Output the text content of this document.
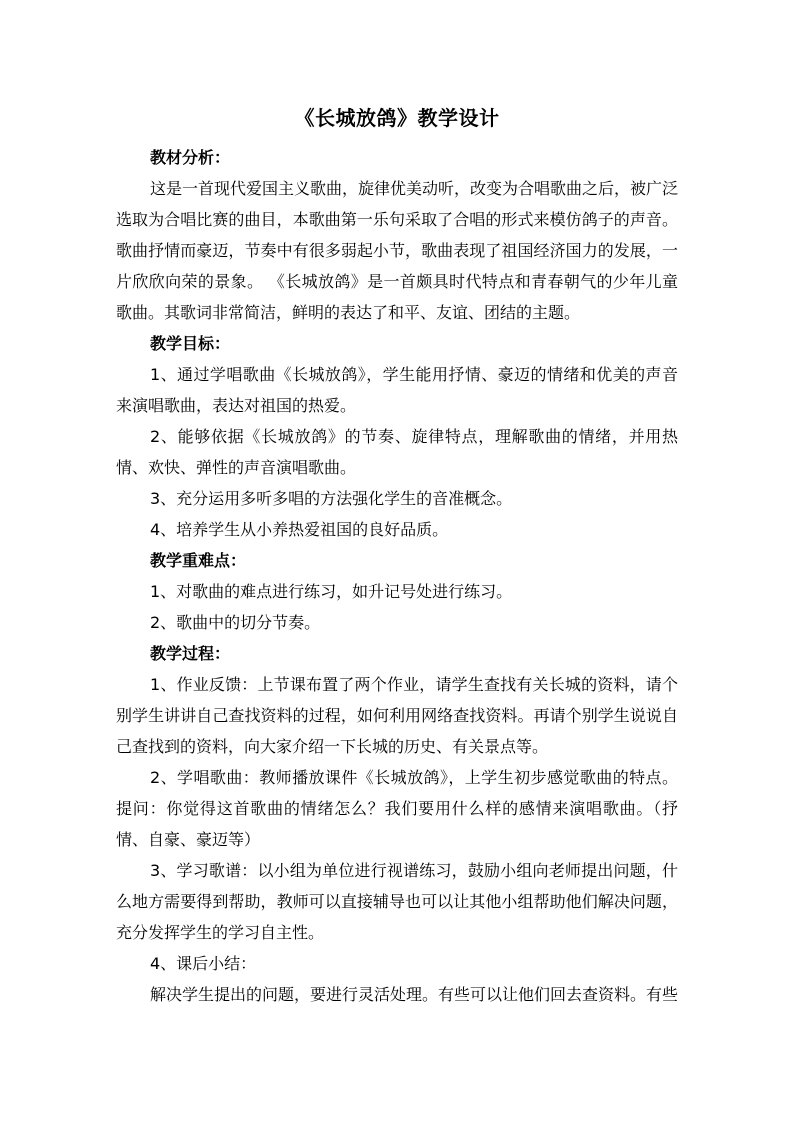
《长城放鸽》教学设计

教材分析：

这是一首现代爱国主义歌曲，旋律优美动听，改变为合唱歌曲之后，被广泛选取为合唱比赛的曲目，本歌曲第一乐句采取了合唱的形式来模仿鸽子的声音。歌曲抒情而豪迈，节奏中有很多弱起小节，歌曲表现了祖国经济国力的发展，一片欣欣向荣的景象。 《长城放鸽》是一首颇具时代特点和青春朝气的少年儿童歌曲。其歌词非常简洁，鲜明的表达了和平、友谊、团结的主题。

教学目标：

1、通过学唱歌曲《长城放鸽》，学生能用抒情、豪迈的情绪和优美的声音来演唱歌曲，表达对祖国的热爱。

2、能够依据《长城放鸽》的节奏、旋律特点，理解歌曲的情绪，并用热情、欢快、弹性的声音演唱歌曲。

3、充分运用多听多唱的方法强化学生的音准概念。

4、培养学生从小养热爱祖国的良好品质。

教学重难点：

1、对歌曲的难点进行练习，如升记号处进行练习。

2、歌曲中的切分节奏。

教学过程：

1、作业反馈：上节课布置了两个作业，请学生查找有关长城的资料，请个别学生讲讲自己查找资料的过程，如何利用网络查找资料。再请个别学生说说自己查找到的资料，向大家介绍一下长城的历史、有关景点等。

2、学唱歌曲：教师播放课件《长城放鸽》，上学生初步感觉歌曲的特点。提问：你觉得这首歌曲的情绪怎么？我们要用什么样的感情来演唱歌曲。（抒情、自豪、豪迈等）

3、学习歌谱：以小组为单位进行视谱练习，鼓励小组向老师提出问题，什么地方需要得到帮助，教师可以直接辅导也可以让其他小组帮助他们解决问题，充分发挥学生的学习自主性。

4、课后小结：

解决学生提出的问题，要进行灵活处理。有些可以让他们回去查资料。有些
